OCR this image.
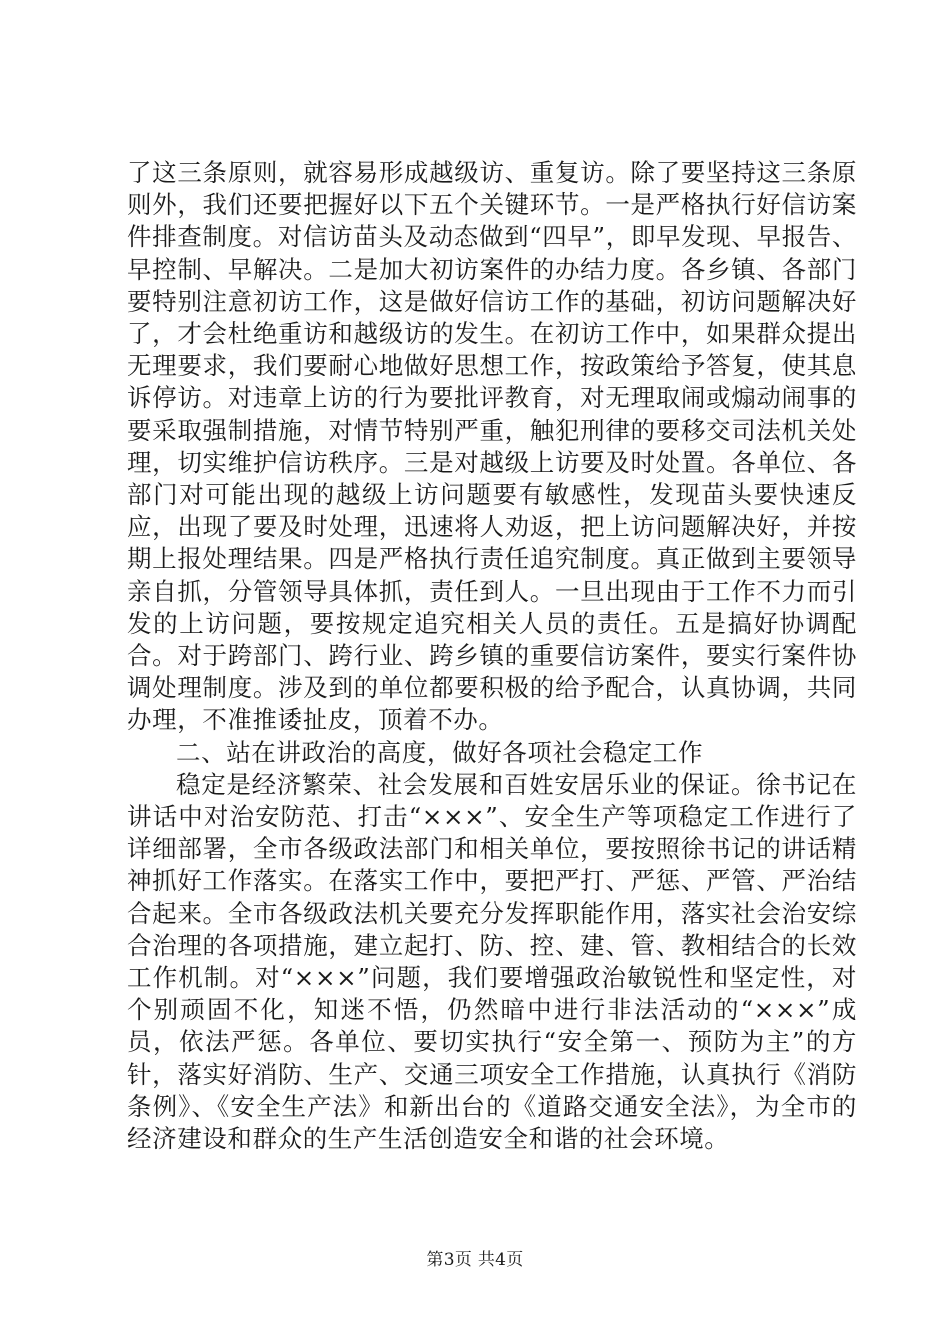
了这三条原则，就容易形成越级访、重复访。除了要坚持这三条原则外，我们还要把握好以下五个关键环节。一是严格执行好信访案件排查制度。对信访苗头及动态做到“四早”，即早发现、早报告、早控制、早解决。二是加大初访案件的办结力度。各乡镇、各部门要特别注意初访工作，这是做好信访工作的基础，初访问题解决好了，才会杜绝重访和越级访的发生。在初访工作中，如果群众提出无理要求，我们要耐心地做好思想工作，按政策给予答复，使其息诉停访。对违章上访的行为要批评教育，对无理取闹或煽动闹事的要采取强制措施，对情节特别严重，触犯刑律的要移交司法机关处理，切实维护信访秩序。三是对越级上访要及时处置。各单位、各部门对可能出现的越级上访问题要有敏感性，发现苗头要快速反应，出现了要及时处理，迅速将人劝返，把上访问题解决好，并按期上报处理结果。四是严格执行责任追究制度。真正做到主要领导亲自抓，分管领导具体抓，责任到人。一旦出现由于工作不力而引发的上访问题，要按规定追究相关人员的责任。五是搞好协调配合。对于跨部门、跨行业、跨乡镇的重要信访案件，要实行案件协调处理制度。涉及到的单位都要积极的给予配合，认真协调，共同办理，不准推诿扯皮，顶着不办。

二、站在讲政治的高度，做好各项社会稳定工作

稳定是经济繁荣、社会发展和百姓安居乐业的保证。徐书记在讲话中对治安防范、打击“×××”、安全生产等项稳定工作进行了详细部署，全市各级政法部门和相关单位，要按照徐书记的讲话精神抓好工作落实。在落实工作中，要把严打、严惩、严管、严治结合起来。全市各级政法机关要充分发挥职能作用，落实社会治安综合治理的各项措施，建立起打、防、控、建、管、教相结合的长效工作机制。对“×××”问题，我们要增强政治敏锐性和坚定性，对个别顽固不化，知迷不悟，仍然暗中进行非法活动的“×××”成员，依法严惩。各单位、要切实执行“安全第一、预防为主”的方针，落实好消防、生产、交通三项安全工作措施，认真执行《消防条例》、《安全生产法》和新出台的《道路交通安全法》，为全市的经济建设和群众的生产生活创造安全和谐的社会环境。

第3页 共4页
